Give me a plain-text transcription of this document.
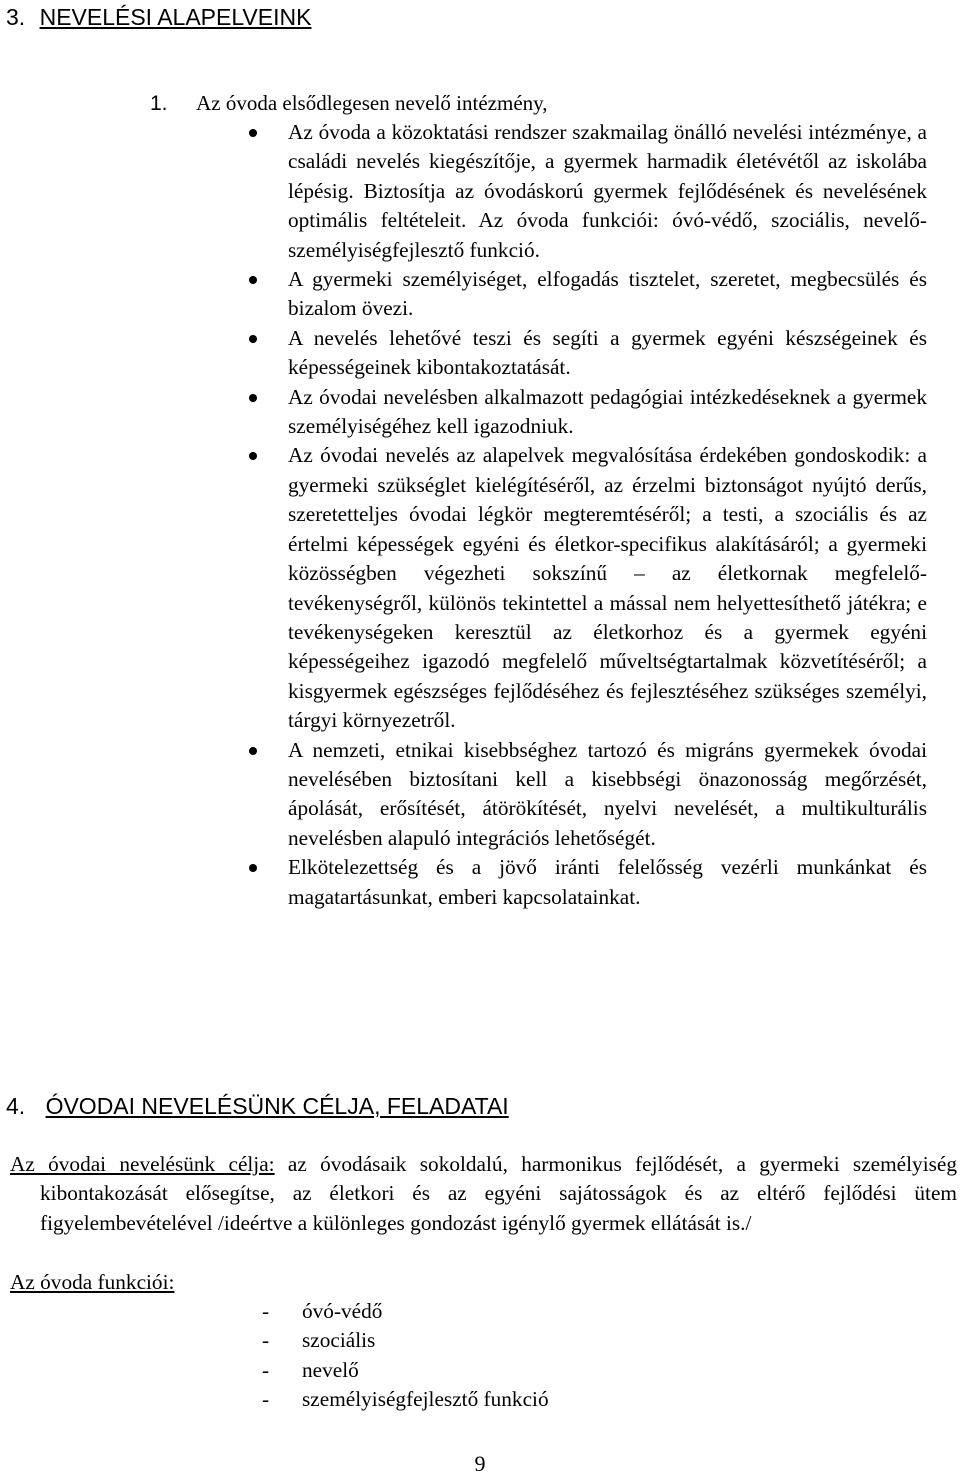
3. NEVELÉSI ALAPELVEINK
1. Az óvoda elsődlegesen nevelő intézmény,
Az óvoda a közoktatási rendszer szakmailag önálló nevelési intézménye, a családi nevelés kiegészítője, a gyermek harmadik életévétől az iskolába lépésig. Biztosítja az óvodáskorú gyermek fejlődésének és nevelésének optimális feltételeit. Az óvoda funkciói: óvó-védő, szociális, nevelő-személyiségfejlesztő funkció.
A gyermeki személyiséget, elfogadás tisztelet, szeretet, megbecsülés és bizalom övezi.
A nevelés lehetővé teszi és segíti a gyermek egyéni készségeinek és képességeinek kibontakoztatását.
Az óvodai nevelésben alkalmazott pedagógiai intézkedéseknek a gyermek személyiségéhez kell igazodniuk.
Az óvodai nevelés az alapelvek megvalósítása érdekében gondoskodik: a gyermeki szükséglet kielégítéséről, az érzelmi biztonságot nyújtó derűs, szeretetteljes óvodai légkör megteremtéséről; a testi, a szociális és az értelmi képességek egyéni és életkor-specifikus alakításáról; a gyermeki közösségben végezheti sokszínű – az életkornak megfelelő-tevékenységről, különös tekintettel a mással nem helyettesíthető játékra; e tevékenységeken keresztül az életkorhoz és a gyermek egyéni képességeihez igazodó megfelelő műveltségtartalmak közvetítéséről; a kisgyermek egészséges fejlődéséhez és fejlesztéséhez szükséges személyi, tárgyi környezetről.
A nemzeti, etnikai kisebbséghez tartozó és migráns gyermekek óvodai nevelésében biztosítani kell a kisebbségi önazonosság megőrzését, ápolását, erősítését, átörökítését, nyelvi nevelését, a multikulturális nevelésben alapuló integrációs lehetőségét.
Elkötelezettség és a jövő iránti felelősség vezérli munkánkat és magatartásunkat, emberi kapcsolatainkat.
4. ÓVODAI NEVELÉSÜNK CÉLJA, FELADATAI

Az óvodai nevelésünk célja: az óvodásaik sokoldalú, harmonikus fejlődését, a gyermeki személyiség kibontakozását elősegítse, az életkori és az egyéni sajátosságok és az eltérő fejlődési ütem figyelembevételével /ideértve a különleges gondozást igénylő gyermek ellátását is./

Az óvoda funkciói:

- óvó-védő
- szociális
- nevelő
- személyiségfejlesztő funkció
9
